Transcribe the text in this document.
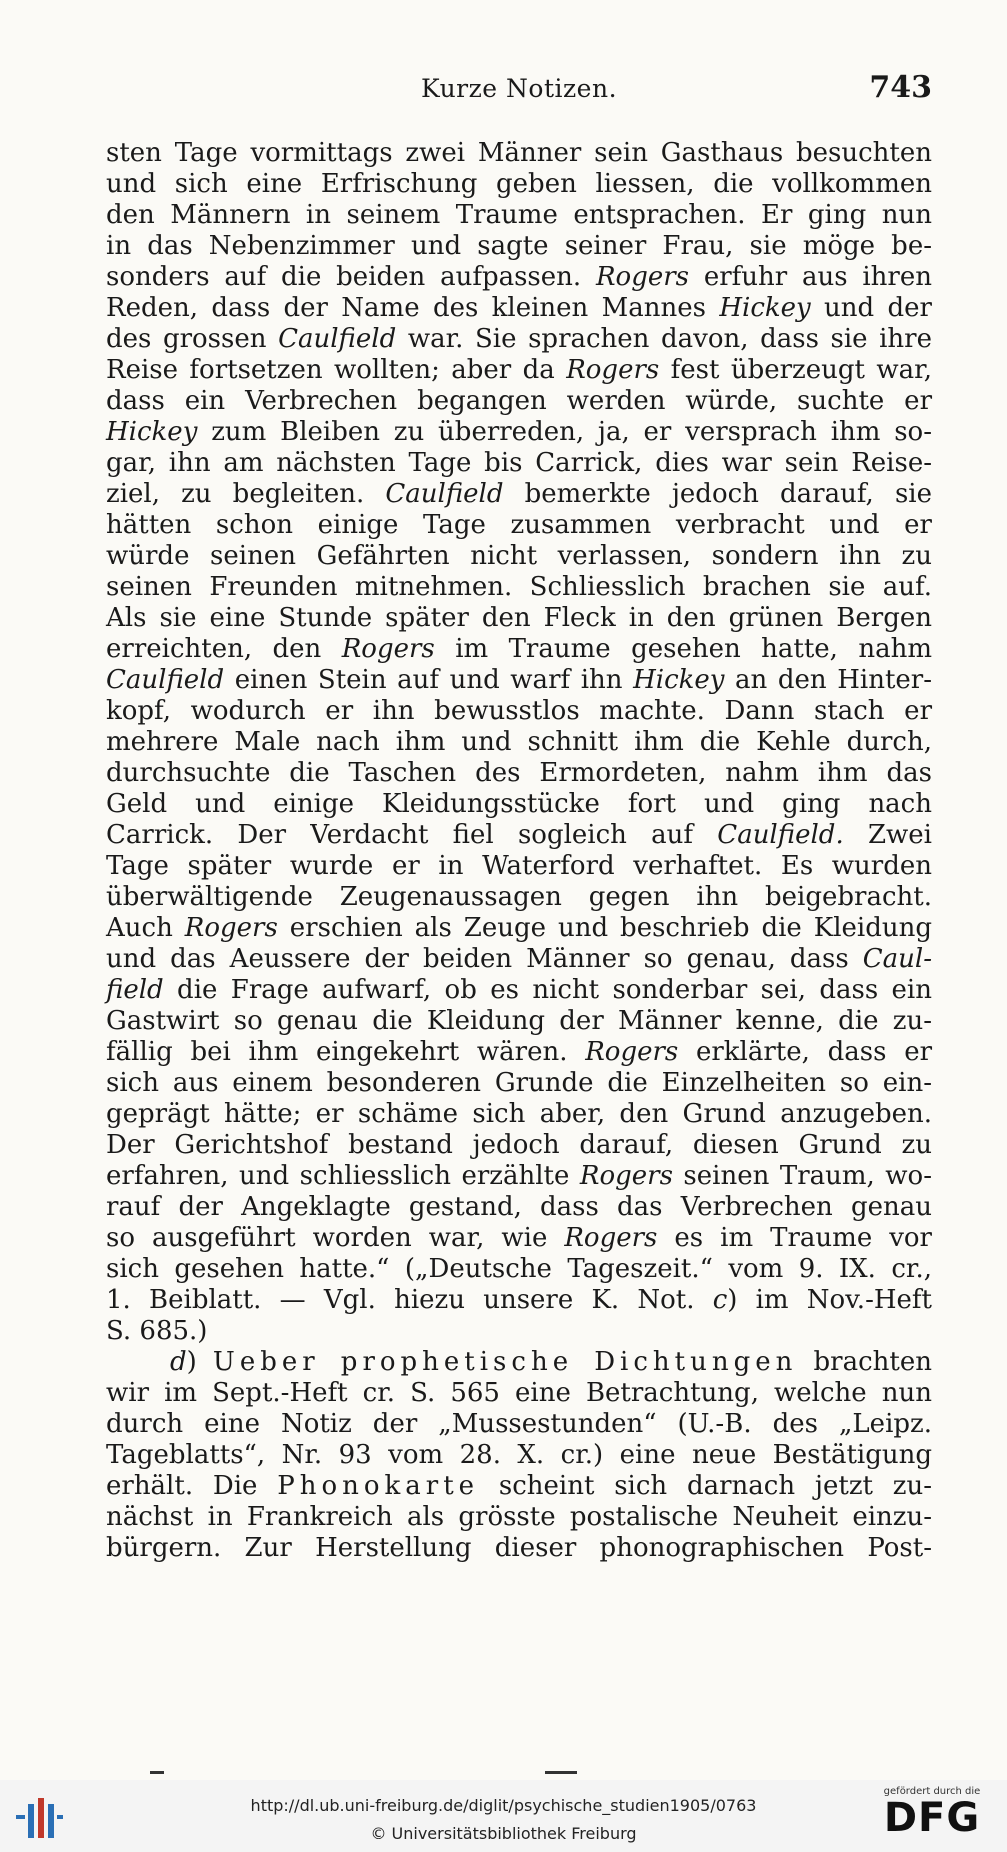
Kurze Notizen.	743
sten Tage vormittags zwei Männer sein Gasthaus besuchten
und sich eine Erfrischung geben liessen, die vollkommen
den Männern in seinem Traume entsprachen. Er ging nun
in das Nebenzimmer und sagte seiner Frau, sie möge be-
sonders auf die beiden aufpassen. Rogers erfuhr aus ihren
Reden, dass der Name des kleinen Mannes Hickey und der
des grossen Caulfield war. Sie sprachen davon, dass sie ihre
Reise fortsetzen wollten; aber da Rogers fest überzeugt war,
dass ein Verbrechen begangen werden würde, suchte er
Hickey zum Bleiben zu überreden, ja, er versprach ihm so-
gar, ihn am nächsten Tage bis Carrick, dies war sein Reise-
ziel, zu begleiten. Caulfield bemerkte jedoch darauf, sie
hätten schon einige Tage zusammen verbracht und er
würde seinen Gefährten nicht verlassen, sondern ihn zu
seinen Freunden mitnehmen. Schliesslich brachen sie auf.
Als sie eine Stunde später den Fleck in den grünen Bergen
erreichten, den Rogers im Traume gesehen hatte, nahm
Caulfield einen Stein auf und warf ihn Hickey an den Hinter-
kopf, wodurch er ihn bewusstlos machte. Dann stach er
mehrere Male nach ihm und schnitt ihm die Kehle durch,
durchsuchte die Taschen des Ermordeten, nahm ihm das
Geld und einige Kleidungsstücke fort und ging nach
Carrick. Der Verdacht fiel sogleich auf Caulfield. Zwei
Tage später wurde er in Waterford verhaftet. Es wurden
überwältigende Zeugenaussagen gegen ihn beigebracht.
Auch Rogers erschien als Zeuge und beschrieb die Kleidung
und das Aeussere der beiden Männer so genau, dass Caul-
field die Frage aufwarf, ob es nicht sonderbar sei, dass ein
Gastwirt so genau die Kleidung der Männer kenne, die zu-
fällig bei ihm eingekehrt wären. Rogers erklärte, dass er
sich aus einem besonderen Grunde die Einzelheiten so ein-
geprägt hätte; er schäme sich aber, den Grund anzugeben.
Der Gerichtshof bestand jedoch darauf, diesen Grund zu
erfahren, und schliesslich erzählte Rogers seinen Traum, wo-
rauf der Angeklagte gestand, dass das Verbrechen genau
so ausgeführt worden war, wie Rogers es im Traume vor
sich gesehen hatte.“ („Deutsche Tageszeit.“ vom 9. IX. cr.,
1. Beiblatt. — Vgl. hiezu unsere K. Not. c) im Nov.-Heft
S. 685.)
d) Ueber prophetische Dichtungen brachten
wir im Sept.-Heft cr. S. 565 eine Betrachtung, welche nun
durch eine Notiz der „Mussestunden“ (U.-B. des „Leipz.
Tageblatts“, Nr. 93 vom 28. X. cr.) eine neue Bestätigung
erhält. Die Phonokarte scheint sich darnach jetzt zu-
nächst in Frankreich als grösste postalische Neuheit einzu-
bürgern. Zur Herstellung dieser phonographischen Post-
http://dl.ub.uni-freiburg.de/diglit/psychische_studien1905/0763
© Universitätsbibliothek Freiburg
gefördert durch die
DFG
